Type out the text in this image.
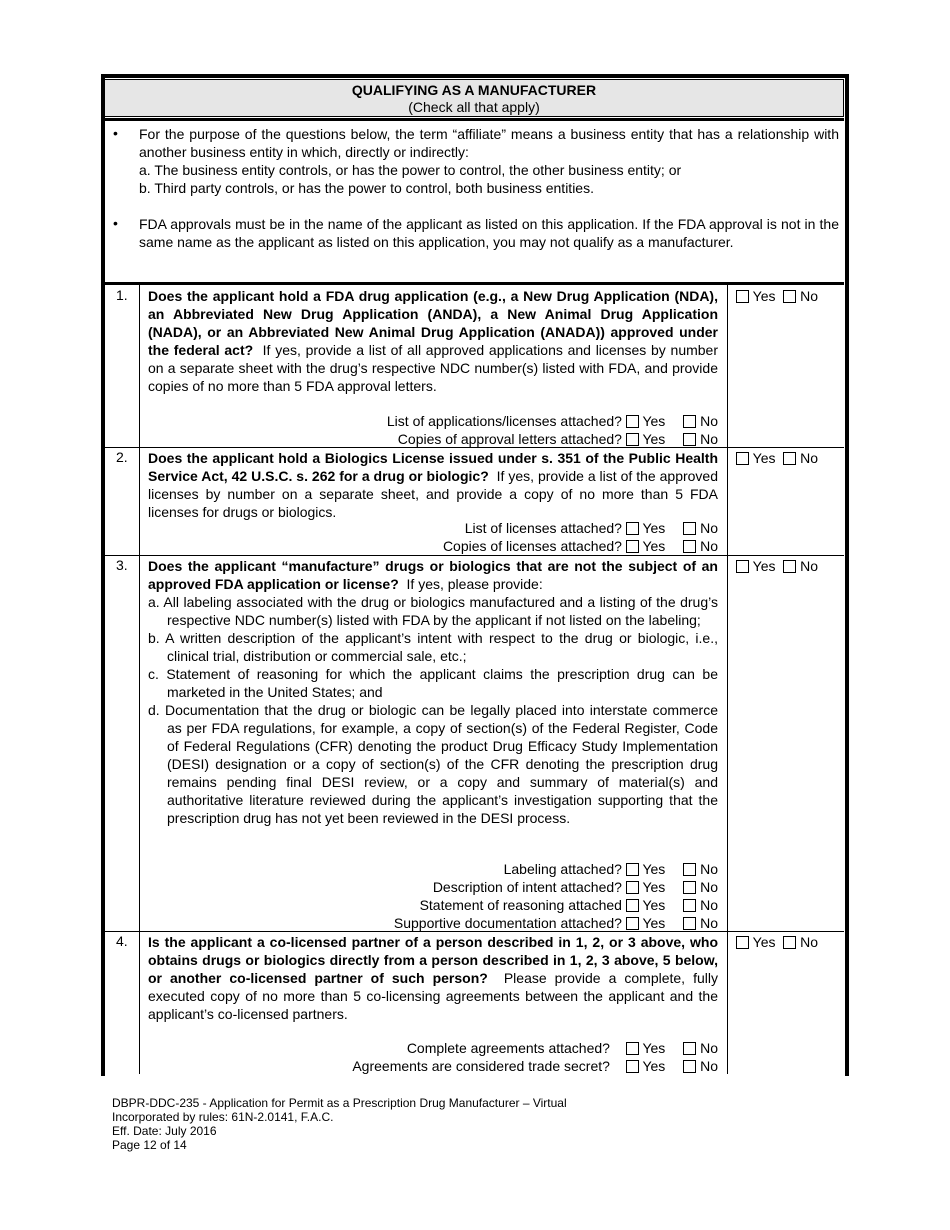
QUALIFYING AS A MANUFACTURER
(Check all that apply)
• For the purpose of the questions below, the term “affiliate” means a business entity that has a relationship with another business entity in which, directly or indirectly:
a. The business entity controls, or has the power to control, the other business entity; or
b. Third party controls, or has the power to control, both business entities.
• FDA approvals must be in the name of the applicant as listed on this application. If the FDA approval is not in the same name as the applicant as listed on this application, you may not qualify as a manufacturer.
1. Does the applicant hold a FDA drug application (e.g., a New Drug Application (NDA), an Abbreviated New Drug Application (ANDA), a New Animal Drug Application (NADA), or an Abbreviated New Animal Drug Application (ANADA)) approved under the federal act? If yes, provide a list of all approved applications and licenses by number on a separate sheet with the drug’s respective NDC number(s) listed with FDA, and provide copies of no more than 5 FDA approval letters.
List of applications/licenses attached? Yes No
Copies of approval letters attached? Yes No
Yes No
2. Does the applicant hold a Biologics License issued under s. 351 of the Public Health Service Act, 42 U.S.C. s. 262 for a drug or biologic? If yes, provide a list of the approved licenses by number on a separate sheet, and provide a copy of no more than 5 FDA licenses for drugs or biologics.
List of licenses attached? Yes No
Copies of licenses attached? Yes No
Yes No
3. Does the applicant “manufacture” drugs or biologics that are not the subject of an approved FDA application or license? If yes, please provide:

a. All labeling associated with the drug or biologics manufactured and a listing of the drug’s respective NDC number(s) listed with FDA by the applicant if not listed on the labeling;

b. A written description of the applicant’s intent with respect to the drug or biologic, i.e., clinical trial, distribution or commercial sale, etc.;

c. Statement of reasoning for which the applicant claims the prescription drug can be marketed in the United States; and

d. Documentation that the drug or biologic can be legally placed into interstate commerce as per FDA regulations, for example, a copy of section(s) of the Federal Register, Code of Federal Regulations (CFR) denoting the product Drug Efficacy Study Implementation (DESI) designation or a copy of section(s) of the CFR denoting the prescription drug remains pending final DESI review, or a copy and summary of material(s) and authoritative literature reviewed during the applicant’s investigation supporting that the prescription drug has not yet been reviewed in the DESI process.

Labeling attached? Yes No
Description of intent attached? Yes No
Statement of reasoning attached Yes No
Supportive documentation attached? Yes No
Yes No
4. Is the applicant a co-licensed partner of a person described in 1, 2, or 3 above, who obtains drugs or biologics directly from a person described in 1, 2, 3 above, 5 below, or another co-licensed partner of such person? Please provide a complete, fully executed copy of no more than 5 co-licensing agreements between the applicant and the applicant’s co-licensed partners.
Complete agreements attached? Yes No
Agreements are considered trade secret? Yes No
Yes No
DBPR-DDC-235 - Application for Permit as a Prescription Drug Manufacturer – Virtual
Incorporated by rules: 61N-2.0141, F.A.C.
Eff. Date: July 2016
Page 12 of 14
